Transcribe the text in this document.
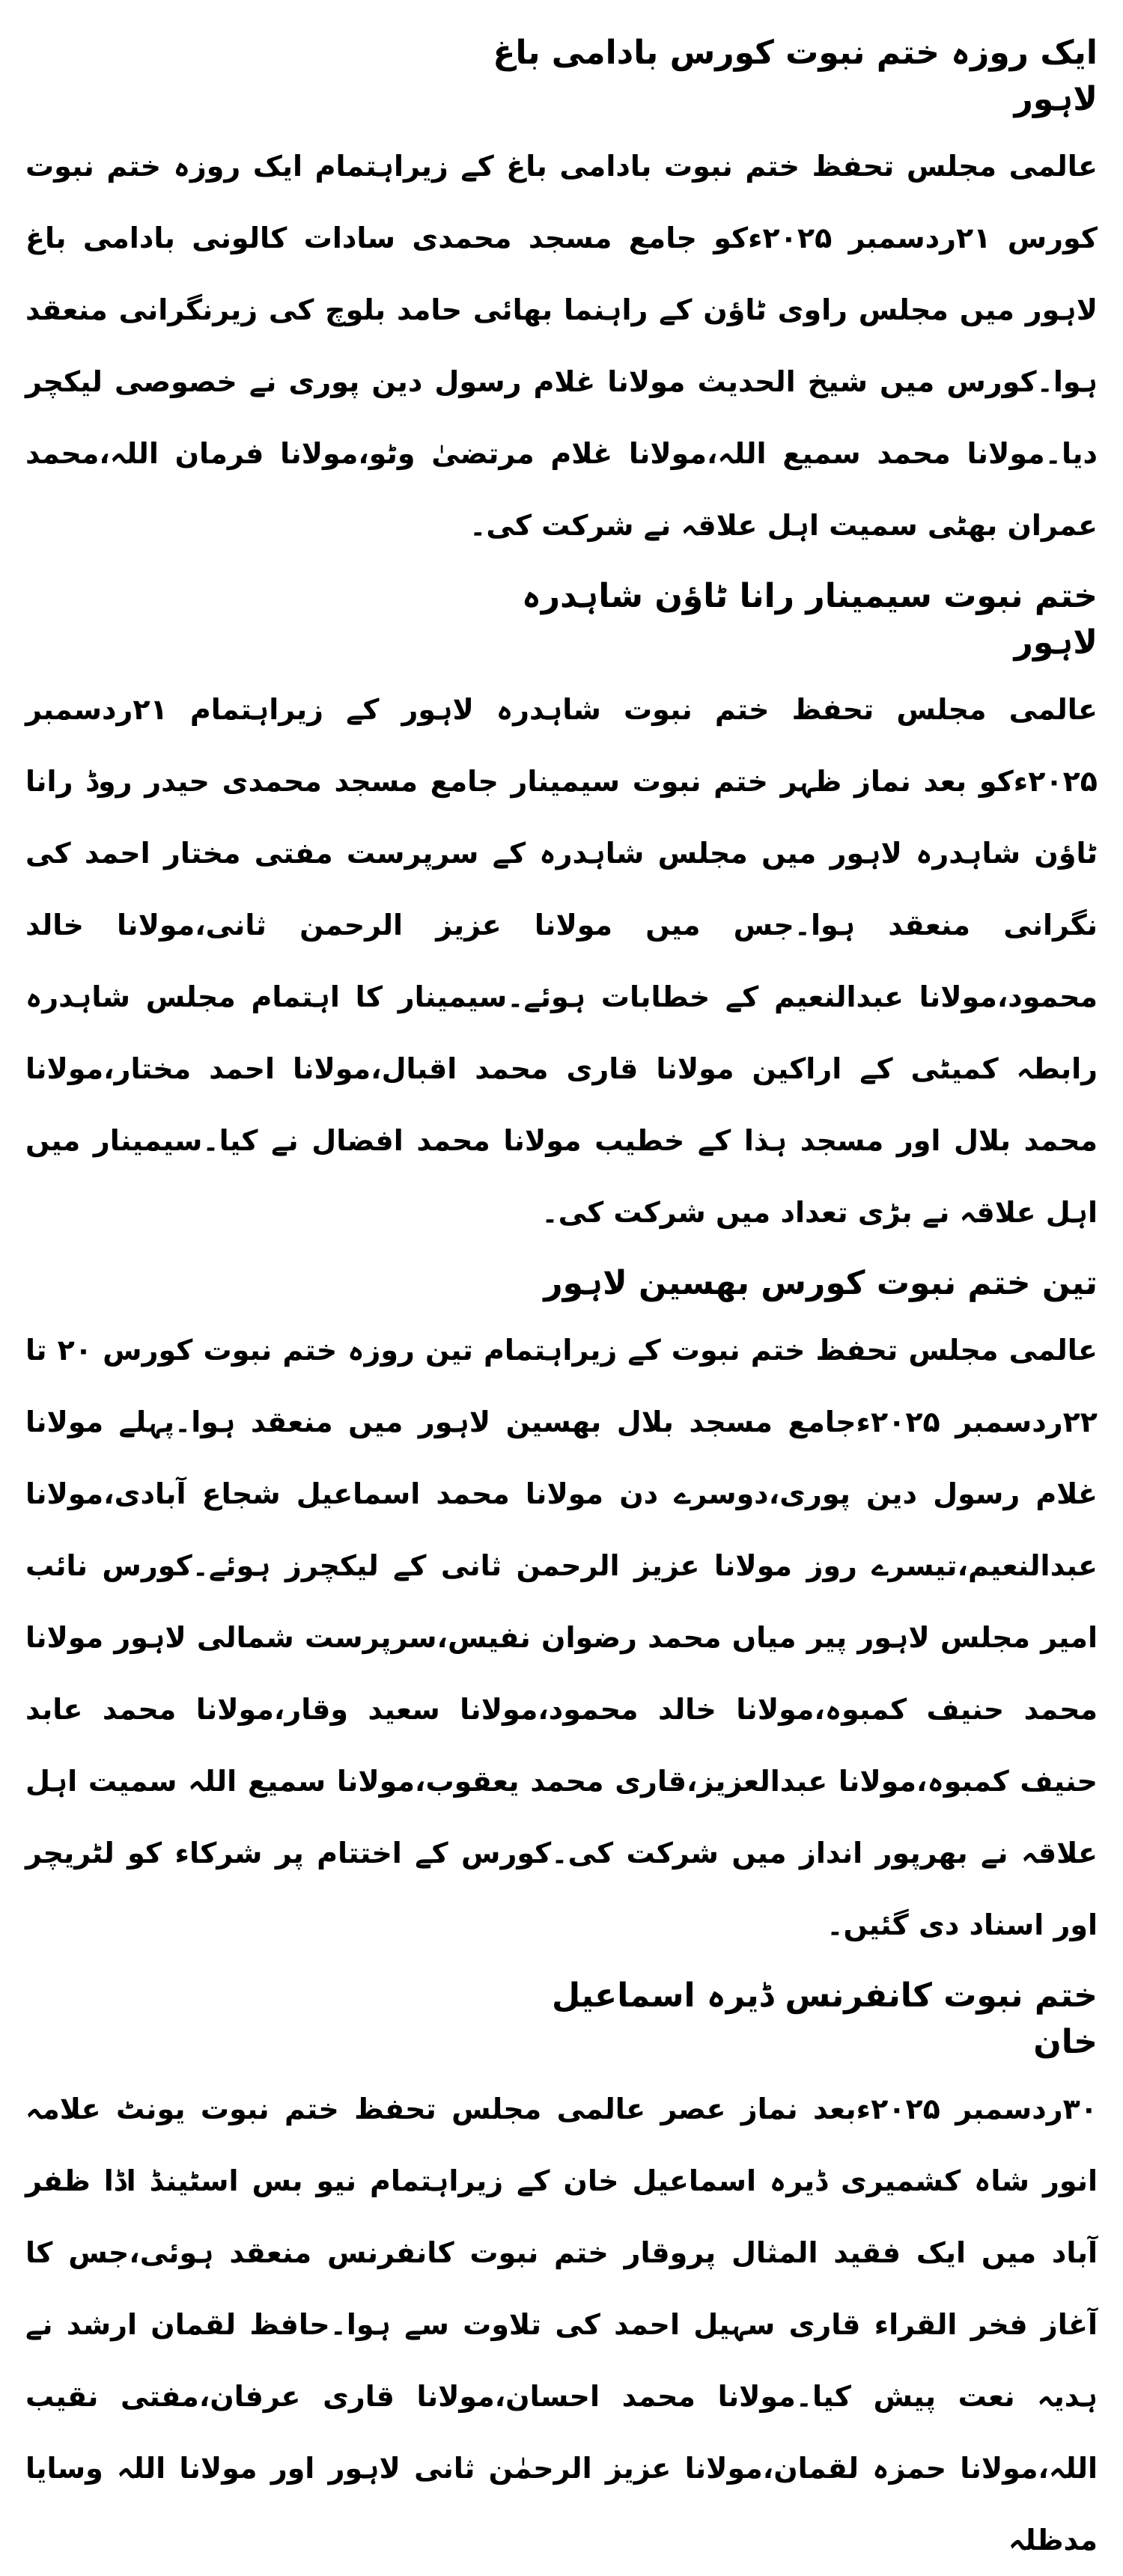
ایک روزہ ختم نبوت کورس بادامی باغ لاہور

عالمی مجلس تحفظ ختم نبوت بادامی باغ کے زیراہتمام ایک روزہ ختم نبوت کورس ۲۱ردسمبر ۲۰۲۵ءکو جامع مسجد محمدی سادات کالونی بادامی باغ لاہور میں مجلس راوی ٹاؤن کے راہنما بھائی حامد بلوچ کی زیرنگرانی منعقد ہوا۔کورس میں شیخ الحدیث مولانا غلام رسول دین پوری نے خصوصی لیکچر دیا۔مولانا محمد سمیع اللہ،مولانا غلام مرتضیٰ وٹو،مولانا فرمان اللہ،محمد عمران بھٹی سمیت اہل علاقہ نے شرکت کی۔

ختم نبوت سیمینار رانا ٹاؤن شاہدرہ لاہور

عالمی مجلس تحفظ ختم نبوت شاہدرہ لاہور کے زیراہتمام ۲۱ردسمبر ۲۰۲۵ءکو بعد نماز ظہر ختم نبوت سیمینار جامع مسجد محمدی حیدر روڈ رانا ٹاؤن شاہدرہ لاہور میں مجلس شاہدرہ کے سرپرست مفتی مختار احمد کی نگرانی منعقد ہوا۔جس میں مولانا عزیز الرحمن ثانی،مولانا خالد محمود،مولانا عبدالنعیم کے خطابات ہوئے۔سیمینار کا اہتمام مجلس شاہدرہ رابطہ کمیٹی کے اراکین مولانا قاری محمد اقبال،مولانا احمد مختار،مولانا محمد بلال اور مسجد ہذا کے خطیب مولانا محمد افضال نے کیا۔سیمینار میں اہل علاقہ نے بڑی تعداد میں شرکت کی۔

تین ختم نبوت کورس بھسین لاہور

عالمی مجلس تحفظ ختم نبوت کے زیراہتمام تین روزہ ختم نبوت کورس ۲۰ تا ۲۲ردسمبر ۲۰۲۵ءجامع مسجد بلال بھسین لاہور میں منعقد ہوا۔پہلے مولانا غلام رسول دین پوری،دوسرے دن مولانا محمد اسماعیل شجاع آبادی،مولانا عبدالنعیم،تیسرے روز مولانا عزیز الرحمن ثانی کے لیکچرز ہوئے۔کورس نائب امیر مجلس لاہور پیر میاں محمد رضوان نفیس،سرپرست شمالی لاہور مولانا محمد حنیف کمبوہ،مولانا خالد محمود،مولانا سعید وقار،مولانا محمد عابد حنیف کمبوہ،مولانا عبدالعزیز،قاری محمد یعقوب،مولانا سمیع اللہ سمیت اہل علاقہ نے بھرپور انداز میں شرکت کی۔کورس کے اختتام پر شرکاء کو لٹریچر اور اسناد دی گئیں۔

ختم نبوت کانفرنس ڈیرہ اسماعیل خان

۳۰ردسمبر ۲۰۲۵ءبعد نماز عصر عالمی مجلس تحفظ ختم نبوت یونٹ علامہ انور شاہ کشمیری ڈیرہ اسماعیل خان کے زیراہتمام نیو بس اسٹینڈ اڈا ظفر آباد میں ایک فقید المثال پروقار ختم نبوت کانفرنس منعقد ہوئی،جس کا آغاز فخر القراء قاری سہیل احمد کی تلاوت سے ہوا۔حافظ لقمان ارشد نے ہدیہ نعت پیش کیا۔مولانا محمد احسان،مولانا قاری عرفان،مفتی نقیب اللہ،مولانا حمزہ لقمان،مولانا عزیز الرحمٰن ثانی لاہور اور مولانا اللہ وسایا مدظلہ
